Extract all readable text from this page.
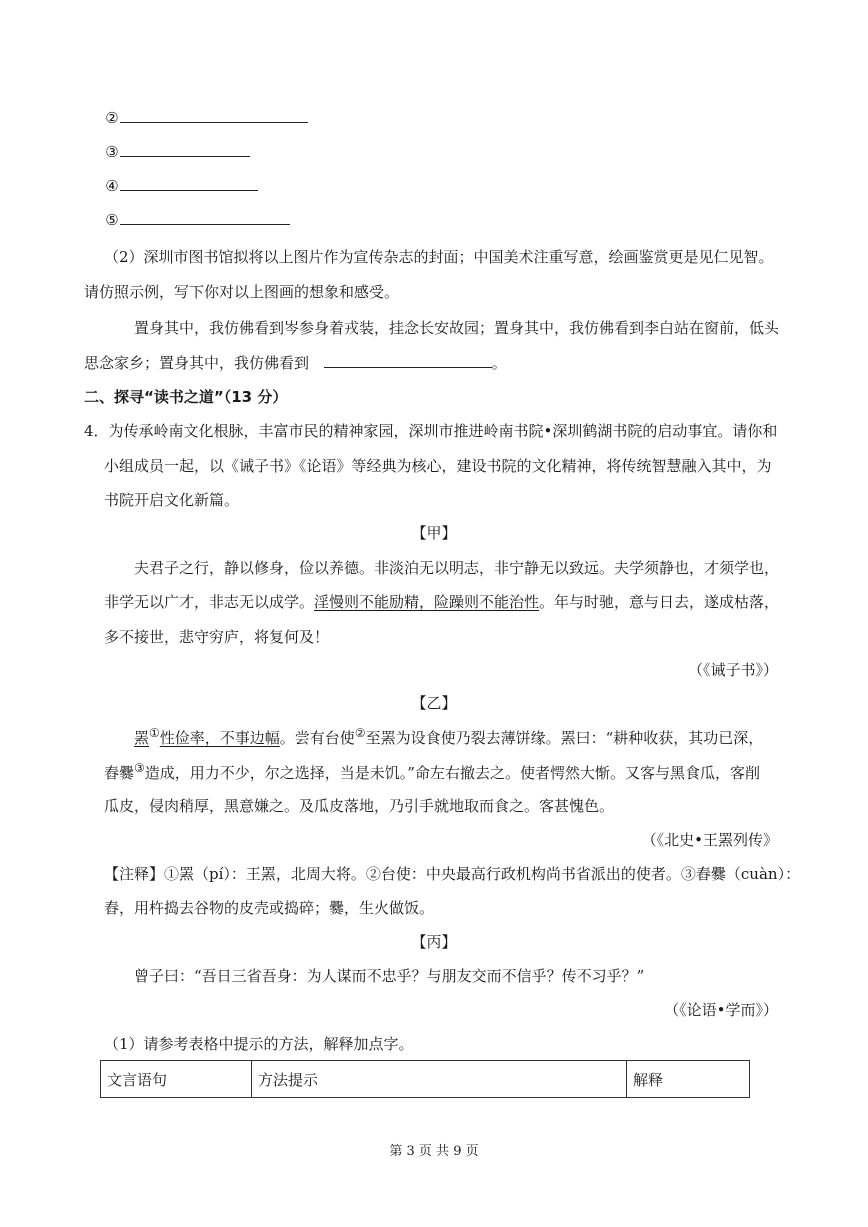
②
③
④
⑤
（2）深圳市图书馆拟将以上图片作为宣传杂志的封面；中国美术注重写意，绘画鉴赏更是见仁见智。
请仿照示例，写下你对以上图画的想象和感受。
置身其中，我仿佛看到岑参身着戎装，挂念长安故园；置身其中，我仿佛看到李白站在窗前，低头
思念家乡；置身其中，我仿佛看到	。
二、探寻“读书之道”（13 分）
4．为传承岭南文化根脉，丰富市民的精神家园，深圳市推进岭南书院•深圳鹤湖书院的启动事宜。请你和
小组成员一起，以《诫子书》《论语》等经典为核心，建设书院的文化精神，将传统智慧融入其中，为
书院开启文化新篇。
【甲】
夫君子之行，静以修身，俭以养德。非淡泊无以明志，非宁静无以致远。夫学须静也，才须学也，
非学无以广才，非志无以成学。淫慢则不能励精，险躁则不能治性。年与时驰，意与日去，遂成枯落，
多不接世，悲守穷庐，将复何及！
（《诫子书》）
【乙】
罴①性俭率，不事边幅。尝有台使②至罴为设食使乃裂去薄饼缘。罴曰：“耕种收获，其功已深，
舂爨③造成，用力不少，尔之选择，当是未饥。”命左右撤去之。使者愕然大惭。又客与黑食瓜，客削
瓜皮，侵肉稍厚，黑意嫌之。及瓜皮落地，乃引手就地取而食之。客甚愧色。
（《北史•王罴列传》
【注释】①罴（pí）：王罴，北周大将。②台使：中央最高行政机构尚书省派出的使者。③舂爨（cuàn）：
舂，用杵捣去谷物的皮壳或捣碎；爨，生火做饭。
【丙】
曾子曰：“吾日三省吾身：为人谋而不忠乎？与朋友交而不信乎？传不习乎？”
（《论语•学而》）
（1）请参考表格中提示的方法，解释加点字。
文言语句	方法提示	解释
第 3 页 共 9 页
